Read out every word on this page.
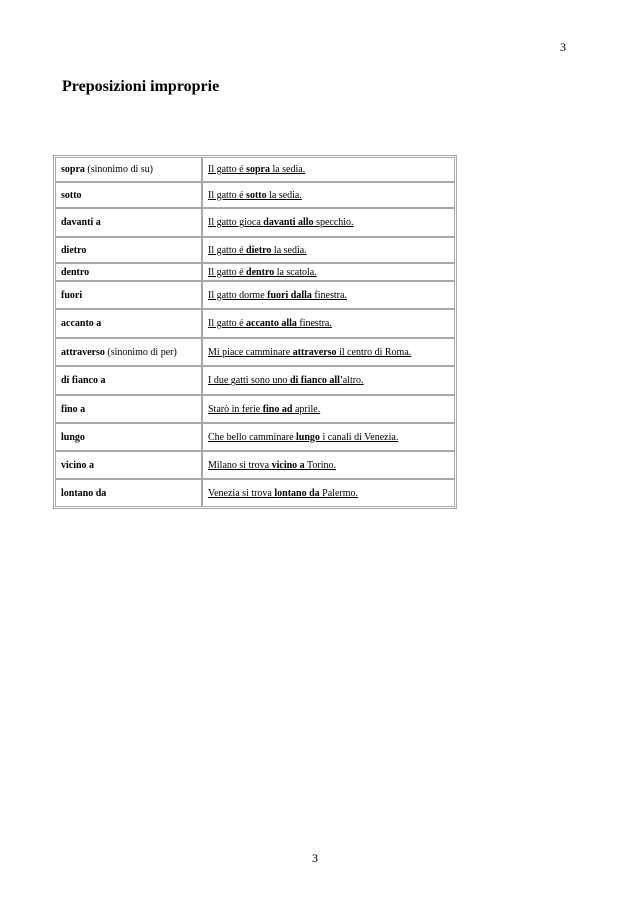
3
Preposizioni improprie
sopra (sinonimo di su)	Il gatto é sopra la sedia.
sotto	Il gatto é sotto la sedia.
davanti a	Il gatto gioca davanti allo specchio.
dietro	Il gatto é dietro la sedia.
dentro	Il gatto é dentro la scatola.
fuori	Il gatto dorme fuori dalla finestra.
accanto a	Il gatto é accanto alla finestra.
attraverso (sinonimo di per)	Mi piace camminare attraverso il centro di Roma.
di fianco a	I due gatti sono uno di fianco all'altro.
fino a	Starò in ferie fino ad aprile.
lungo	Che bello camminare lungo i canali di Venezia.
vicino a	Milano si trova vicino a Torino.
lontano da	Venezia si trova lontano da Palermo.
3
